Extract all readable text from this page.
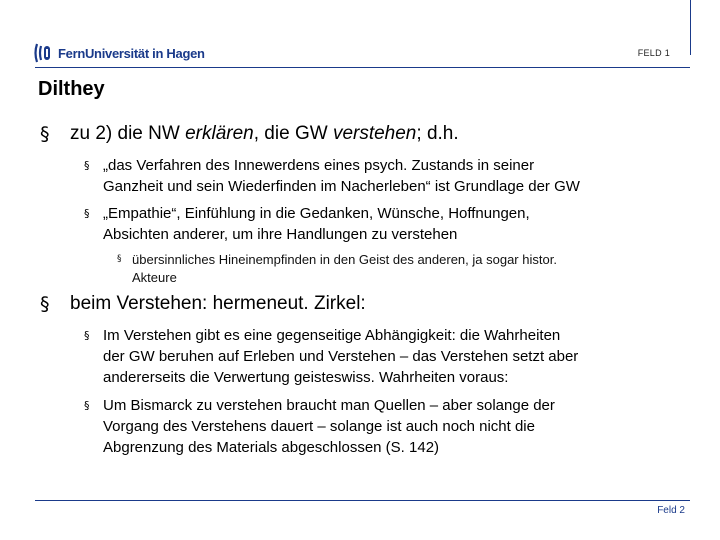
FernUniversität in Hagen	FELD 1
Dilthey
§ zu 2) die NW erklären, die GW verstehen; d.h.
§ „das Verfahren des Innewerdens eines psych. Zustands in seiner
Ganzheit und sein Wiederfinden im Nacherleben“ ist Grundlage der GW
§ „Empathie“, Einfühlung in die Gedanken, Wünsche, Hoffnungen,
Absichten anderer, um ihre Handlungen zu verstehen
§ übersinnliches Hineinempfinden in den Geist des anderen, ja sogar histor.
Akteure
§ beim Verstehen: hermeneut. Zirkel:
§ Im Verstehen gibt es eine gegenseitige Abhängigkeit: die Wahrheiten
der GW beruhen auf Erleben und Verstehen – das Verstehen setzt aber
andererseits die Verwertung geisteswiss. Wahrheiten voraus:
§ Um Bismarck zu verstehen braucht man Quellen – aber solange der
Vorgang des Verstehens dauert – solange ist auch noch nicht die
Abgrenzung des Materials abgeschlossen (S. 142)
Feld 2
